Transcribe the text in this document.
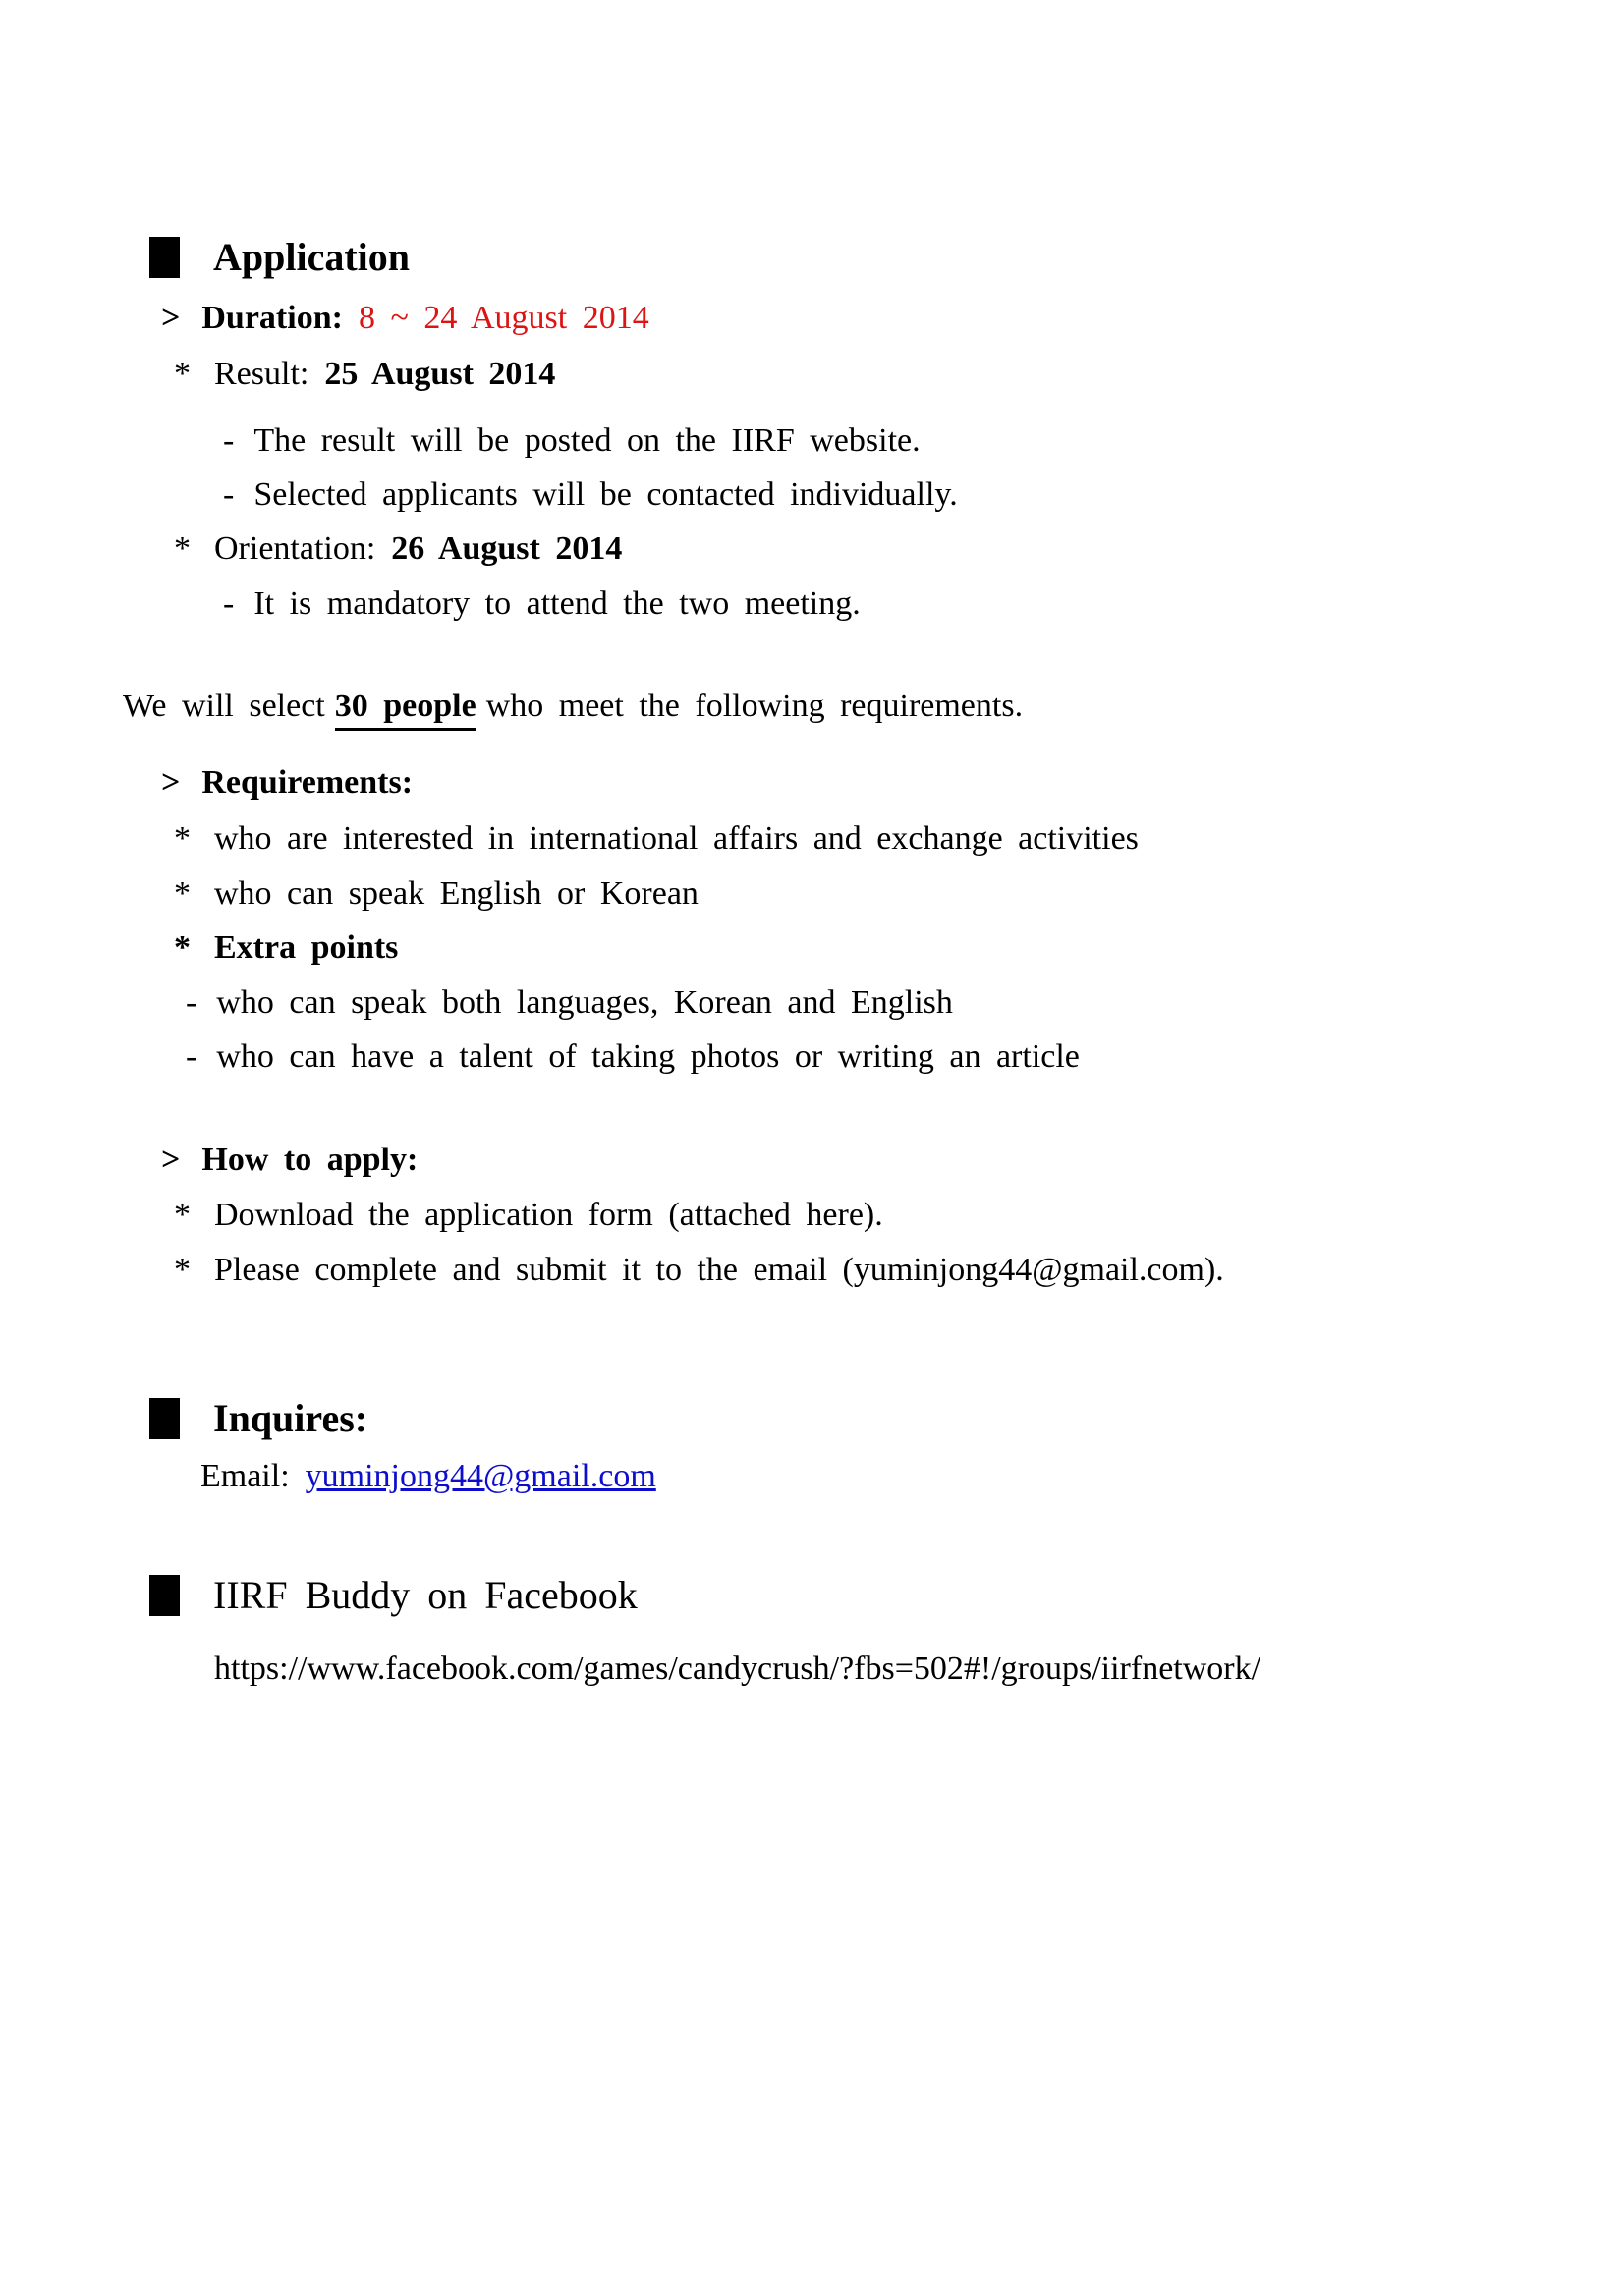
Application
> Duration: 8 ~ 24 August 2014
* Result: 25 August 2014
- The result will be posted on the IIRF website.
- Selected applicants will be contacted individually.
* Orientation: 26 August 2014
- It is mandatory to attend the two meeting.
We will select 30 people who meet the following requirements.
> Requirements:
* who are interested in international affairs and exchange activities
* who can speak English or Korean
* Extra points
- who can speak both languages, Korean and English
- who can have a talent of taking photos or writing an article
> How to apply:
* Download the application form (attached here).
* Please complete and submit it to the email (yuminjong44@gmail.com).
Inquires:
Email: yuminjong44@gmail.com
IIRF Buddy on Facebook
https://www.facebook.com/games/candycrush/?fbs=502#!/groups/iirfnetwork/
